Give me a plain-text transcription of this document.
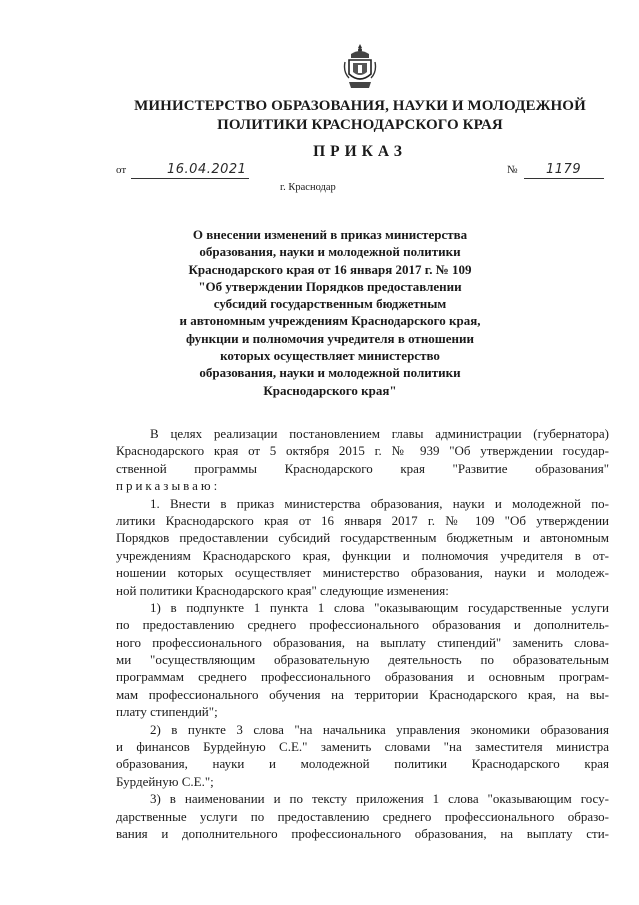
МИНИСТЕРСТВО ОБРАЗОВАНИЯ, НАУКИ И МОЛОДЕЖНОЙ
ПОЛИТИКИ КРАСНОДАРСКОГО КРАЯ
ПРИКАЗ
от	16.04.2021	№ 1179
г. Краснодар
О внесении изменений в приказ министерства
образования, науки и молодежной политики
Краснодарского края от 16 января 2017 г. № 109
"Об утверждении Порядков предоставлении
субсидий государственным бюджетным
и автономным учреждениям Краснодарского края,
функции и полномочия учредителя в отношении
которых осуществляет министерство
образования, науки и молодежной политики
Краснодарского края"
В целях реализации постановлением главы администрации (губернатора)
Краснодарского края от 5 октября 2015 г. № 939 "Об утверждении государ-
ственной программы Краснодарского края "Развитие образования"
приказываю:
1. Внести в приказ министерства образования, науки и молодежной по-
литики Краснодарского края от 16 января 2017 г. № 109 "Об утверждении
Порядков предоставлении субсидий государственным бюджетным и автономным
учреждениям Краснодарского края, функции и полномочия учредителя в от-
ношении которых осуществляет министерство образования, науки и молодеж-
ной политики Краснодарского края" следующие изменения:
1) в подпункте 1 пункта 1 слова "оказывающим государственные услуги
по предоставлению среднего профессионального образования и дополнитель-
ного профессионального образования, на выплату стипендий" заменить слова-
ми "осуществляющим образовательную деятельность по образовательным
программам среднего профессионального образования и основным програм-
мам профессионального обучения на территории Краснодарского края, на вы-
плату стипендий";
2) в пункте 3 слова "на начальника управления экономики образования
и финансов Бурдейную С.Е." заменить словами "на заместителя министра
образования, науки и молодежной политики Краснодарского края
Бурдейную С.Е.";
3) в наименовании и по тексту приложения 1 слова "оказывающим госу-
дарственные услуги по предоставлению среднего профессионального образо-
вания и дополнительного профессионального образования, на выплату сти-
